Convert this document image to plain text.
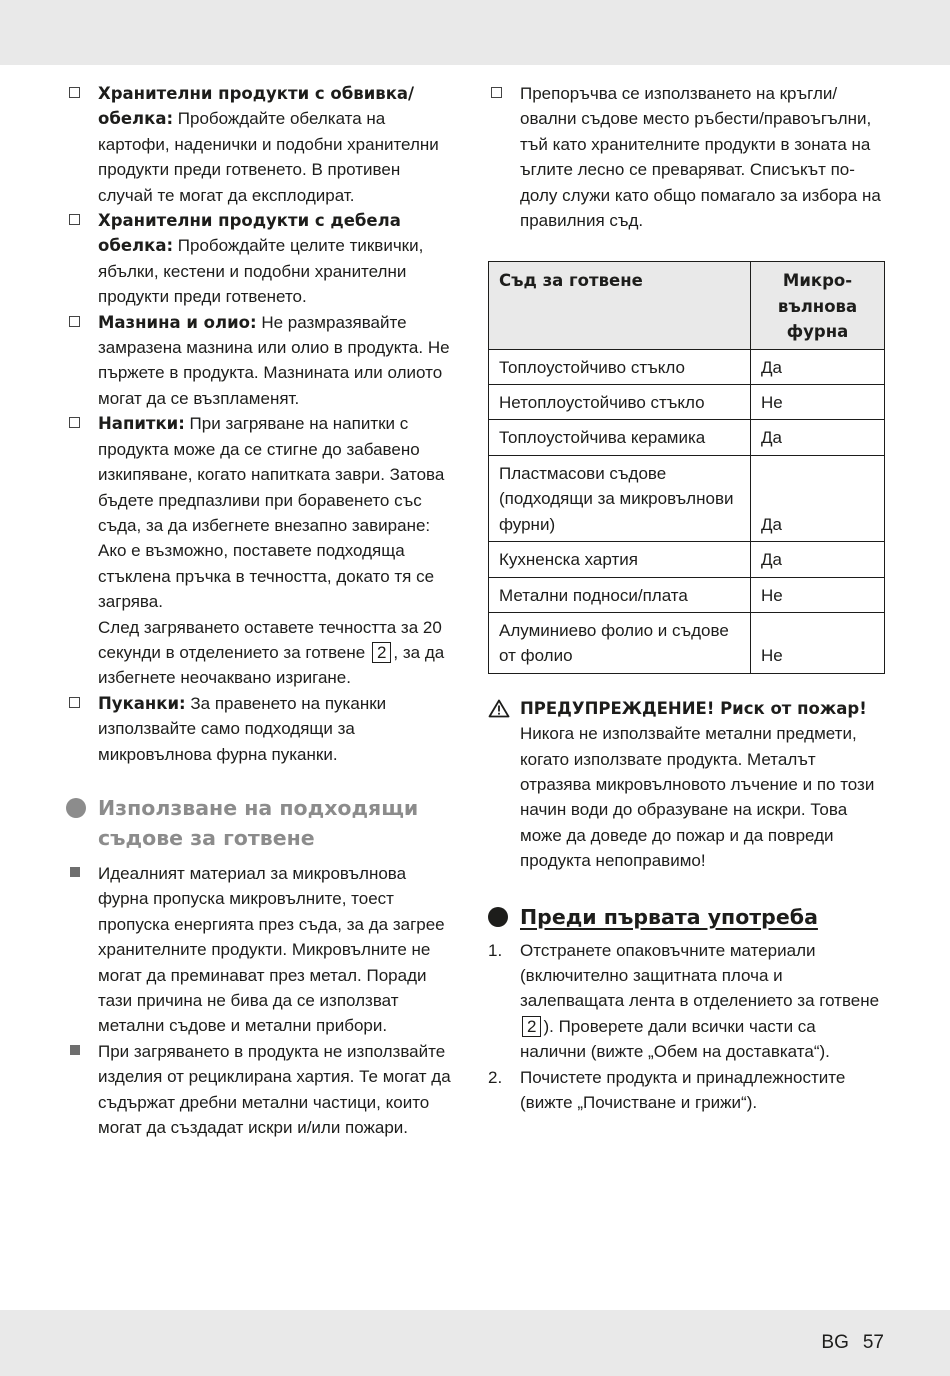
Хранителни продукти с обвивка/ обелка: Пробождайте обелката на картофи, наденички и подобни хранителни продукти преди готвенето. В противен случай те могат да експлодират.
Хранителни продукти с дебела обелка: Пробождайте целите тиквички, ябълки, кестени и подобни хранителни продукти преди готвенето.
Мазнина и олио: Не размразявайте замразена мазнина или олио в продукта. Не пържете в продукта. Мазнината или олиото могат да се възпламенят.
Напитки: При загряване на напитки с продукта може да се стигне до забавено изкипяване, когато напитката заври. Затова бъдете предпазливи при боравенето със съда, за да избегнете внезапно завиране:
Ако е възможно, поставете подходяща стъклена пръчка в течността, докато тя се загрява.
След загряването оставете течността за 20 секунди в отделението за готвене 2 , за да избегнете неочаквано изригане.
Пуканки: За правенето на пуканки използвайте само подходящи за микровълнова фурна пуканки.
Използване на подходящи съдове за готвене
Идеалният материал за микровълнова фурна пропуска микровълните, тоест пропуска енергията през съда, за да загрее хранителните продукти. Микровълните не могат да преминават през метал. Поради тази причина не бива да се използват метални съдове и метални прибори.
При загряването в продукта не използвайте изделия от рециклирана хартия. Те могат да съдържат дребни метални частици, които могат да създадат искри и/или пожари.
Препоръчва се използването на кръгли/овални съдове место ръбести/правоъгълни, тъй като хранителните продукти в зоната на ъглите лесно се преваряват. Списъкът по-долу служи като общо помагало за избора на правилния съд.
Съд за готвене	Микро-вълнова фурна
Топлоустойчиво стъкло	Да
Нетоплоустойчиво стъкло	Не
Топлоустойчива керамика	Да
Пластмасови съдове (подходящи за микровълнови фурни)	Да
Кухненска хартия	Да
Метални подноси/плата	Не
Алуминиево фолио и съдове от фолио	Не
ПРЕДУПРЕЖДЕНИЕ! Риск от пожар!
Никога не използвайте метални предмети, когато използвате продукта. Металът отразява микровълновото лъчение и по този начин води до образуване на искри. Това може да доведе до пожар и да повреди продукта непоправимо!
Преди първата употреба
1.	Отстранете опаковъчните материали (включително защитната плоча и залепващата лента в отделението за готвене 2 ). Проверете дали всички части са налични (вижте „Обем на доставката“).
2.	Почистете продукта и принадлежностите (вижте „Почистване и грижи“).
BG 57
